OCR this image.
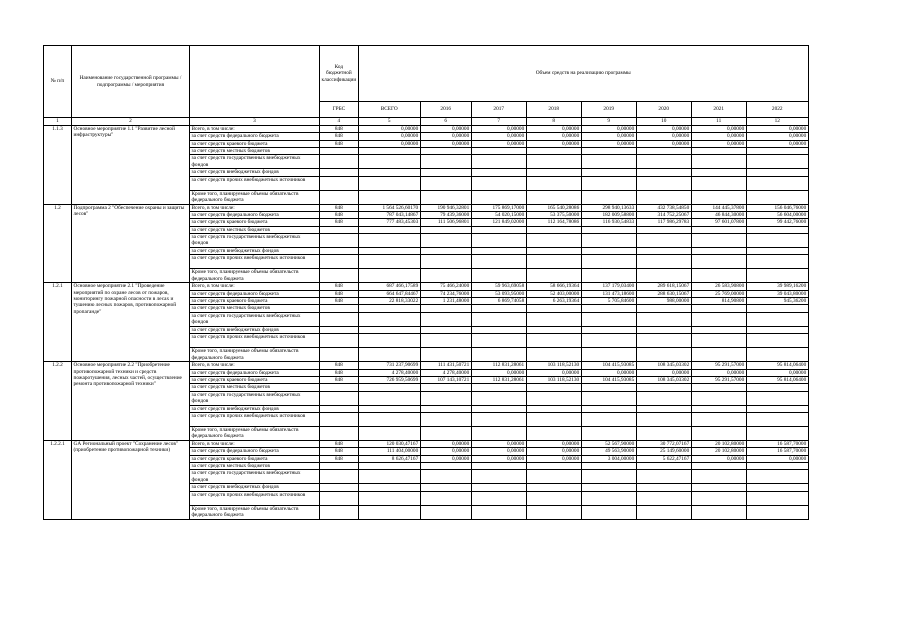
№ п/п	Наименование государственной программы /подпрограммы / мероприятия		Код бюджетной классификации	Объем средств на реализацию программы							
			ГРБС	ВСЕГО	2016	2017	2018	2019	2020	2021	2022
1	2	3	4	5	6	7	8	9	10	11	12
1.1.3	Основное мероприятие 1.1 "Развитие лесной инфраструктуры"	Всего, в том числе:	848	0,00000	0,00000	0,00000	0,00000	0,00000	0,00000	0,00000	0,00000
		за счет средств федерального бюджета	848	0,00000	0,00000	0,00000	0,00000	0,00000	0,00000	0,00000	0,00000
		за счет средств краевого бюджета	848	0,00000	0,00000	0,00000	0,00000	0,00000	0,00000	0,00000	0,00000
		за счет средств местных бюджетов									
		за счет средств государственных внебюджетных фондов									
		за счет средств внебюджетных фондов									
		за счет средств прочих внебюджетных источников									
		Кроме того, планируемые объемы обязательств федерального бюджета									
1.2	Подпрограмма 2 "Обеспечение охраны и защиты лесов"	Всего, в том числе:	848	1 564 526,60170	190 946,32801	175 869,17000	165 540,28086	298 940,13633	432 738,54850	144 445,37800	156 046,76000
		за счет средств федерального бюджета	848	787 043,14867	79 439,36000	54 020,15000	53 375,50000	182 009,58800	314 752,25067	46 844,30000	56 604,00000
		за счет средств краевого бюджета	848	777 483,45303	111 506,96801	121 849,02000	112 164,78086	116 930,54833	117 986,29783	97 601,07800	99 442,76000
		за счет средств местных бюджетов									
		за счет средств государственных внебюджетных фондов									
		за счет средств внебюджетных фондов									
		за счет средств прочих внебюджетных источников									
		Кроме того, планируемые объемы обязательств федерального бюджета									
1.2.1	Основное мероприятие 2.1 "Проведение мероприятий по охране лесов от пожаров, мониторингу пожарной опасности в лесах и тушению лесных пожаров, противопожарной пропаганде"	Всего, в том числе:	848	687 466,17589	75 466,24000	59 963,69058	58 666,19364	137 179,03400	289 618,15067	26 583,90800	39 989,16200
		за счет средств федерального бюджета	848	664 647,84467	74 234,76000	53 093,95000	52 403,00000	131 473,18600	288 630,15067	25 769,00000	39 043,80000
		за счет средств краевого бюджета	848	22 818,33022	1 231,48000	6 869,74058	6 263,19364	5 705,84600	988,00000	814,90800	945,36200
		за счет средств местных бюджетов									
		за счет средств государственных внебюджетных фондов									
		за счет средств внебюджетных фондов									
		за счет средств прочих внебюджетных источников									
		Кроме того, планируемые объемы обязательств федерального бюджета									
1.2.2	Основное мероприятие 2.2 "Приобретение противопожарной техники и средств пожаротушения, лесных частей, осуществление ремонта противопожарной техники"	Всего, в том числе:	848	731 237,90699	111 431,50721	112 831,28061	103 118,52130	104 415,93085	108 345,03302	95 291,57000	95 814,06400
		за счет средств федерального бюджета	848	4 278,40000	4 278,40000	0,00000	0,00000	0,00000	0,00000	0,00000	0,00000
		за счет средств краевого бюджета	848	726 959,50699	107 143,10721	112 831,28061	103 118,52130	104 415,93085	108 345,03302	95 291,57000	95 814,06400
		за счет средств местных бюджетов									
		за счет средств государственных внебюджетных фондов									
		за счет средств внебюджетных фондов									
		за счет средств прочих внебюджетных источников									
		Кроме того, планируемые объемы обязательств федерального бюджета									
1.2.2.1	GА Региональный проект "Сохранение лесов" (приобретение противопожарной техники)	Всего, в том числе:	848	120 030,47167	0,00000	0,00000	0,00000	52 567,90000	30 772,07167	20 102,80000	16 587,70000
		за счет средств федерального бюджета	848	111 404,00000	0,00000	0,00000	0,00000	49 563,90000	25 149,60000	20 102,80000	16 587,70000
		за счет средств краевого бюджета	848	8 626,47167	0,00000	0,00000	0,00000	3 004,00000	5 622,47167	0,00000	0,00000
		за счет средств местных бюджетов									
		за счет средств государственных внебюджетных фондов									
		за счет средств внебюджетных фондов									
		за счет средств прочих внебюджетных источников									
		Кроме того, планируемые объемы обязательств федерального бюджета									
